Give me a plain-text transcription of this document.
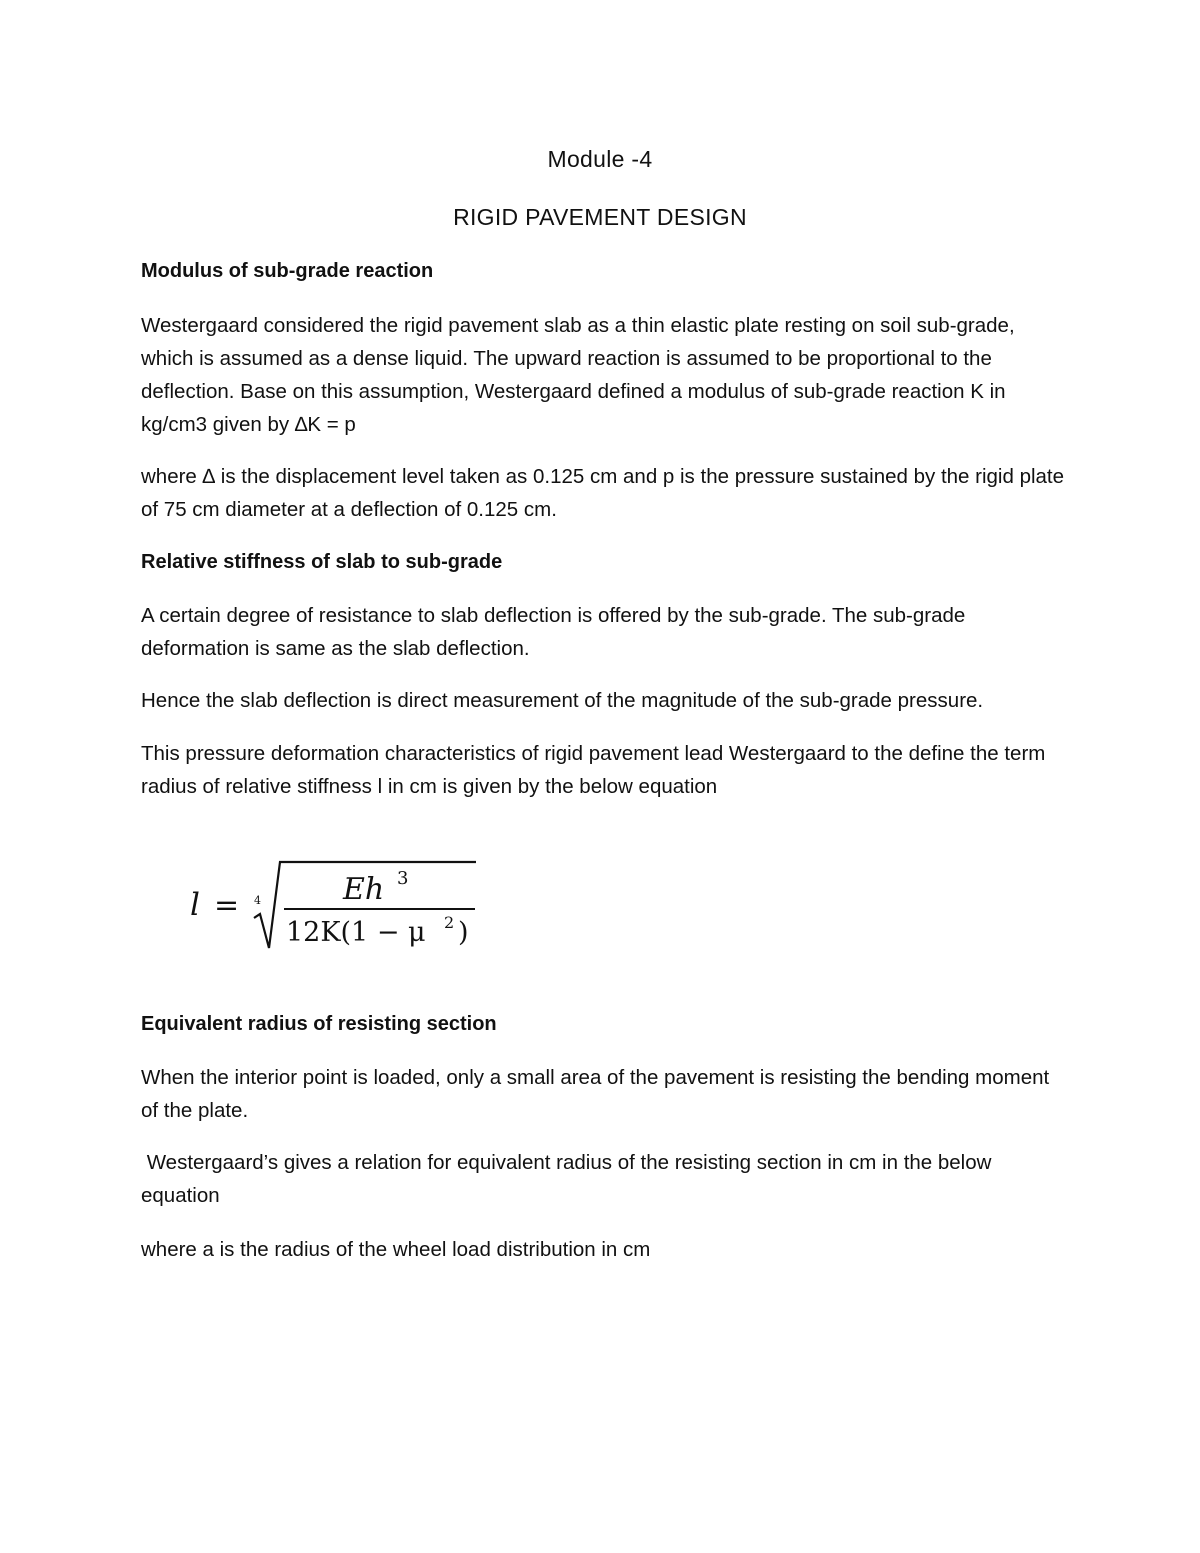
Module -4
RIGID PAVEMENT DESIGN
Modulus of sub-grade reaction
Westergaard considered the rigid pavement slab as a thin elastic plate resting on soil sub-grade, which is assumed as a dense liquid. The upward reaction is assumed to be proportional to the deflection. Base on this assumption, Westergaard defined a modulus of sub-grade reaction K in kg/cm3 given by ∆K = p
where ∆ is the displacement level taken as 0.125 cm and p is the pressure sustained by the rigid plate of 75 cm diameter at a deflection of 0.125 cm.
Relative stiffness of slab to sub-grade
A certain degree of resistance to slab deflection is offered by the sub-grade. The sub-grade deformation is same as the slab deflection.
Hence the slab deflection is direct measurement of the magnitude of the sub-grade pressure.
This pressure deformation characteristics of rigid pavement lead Westergaard to the define the term radius of relative stiffness l in cm is given by the below equation
l = 4	Eh 3
12K(1 − μ 2 )
Equivalent radius of resisting section
When the interior point is loaded, only a small area of the pavement is resisting the bending moment of the plate.
Westergaard’s gives a relation for equivalent radius of the resisting section in cm in the below equation
where a is the radius of the wheel load distribution in cm
